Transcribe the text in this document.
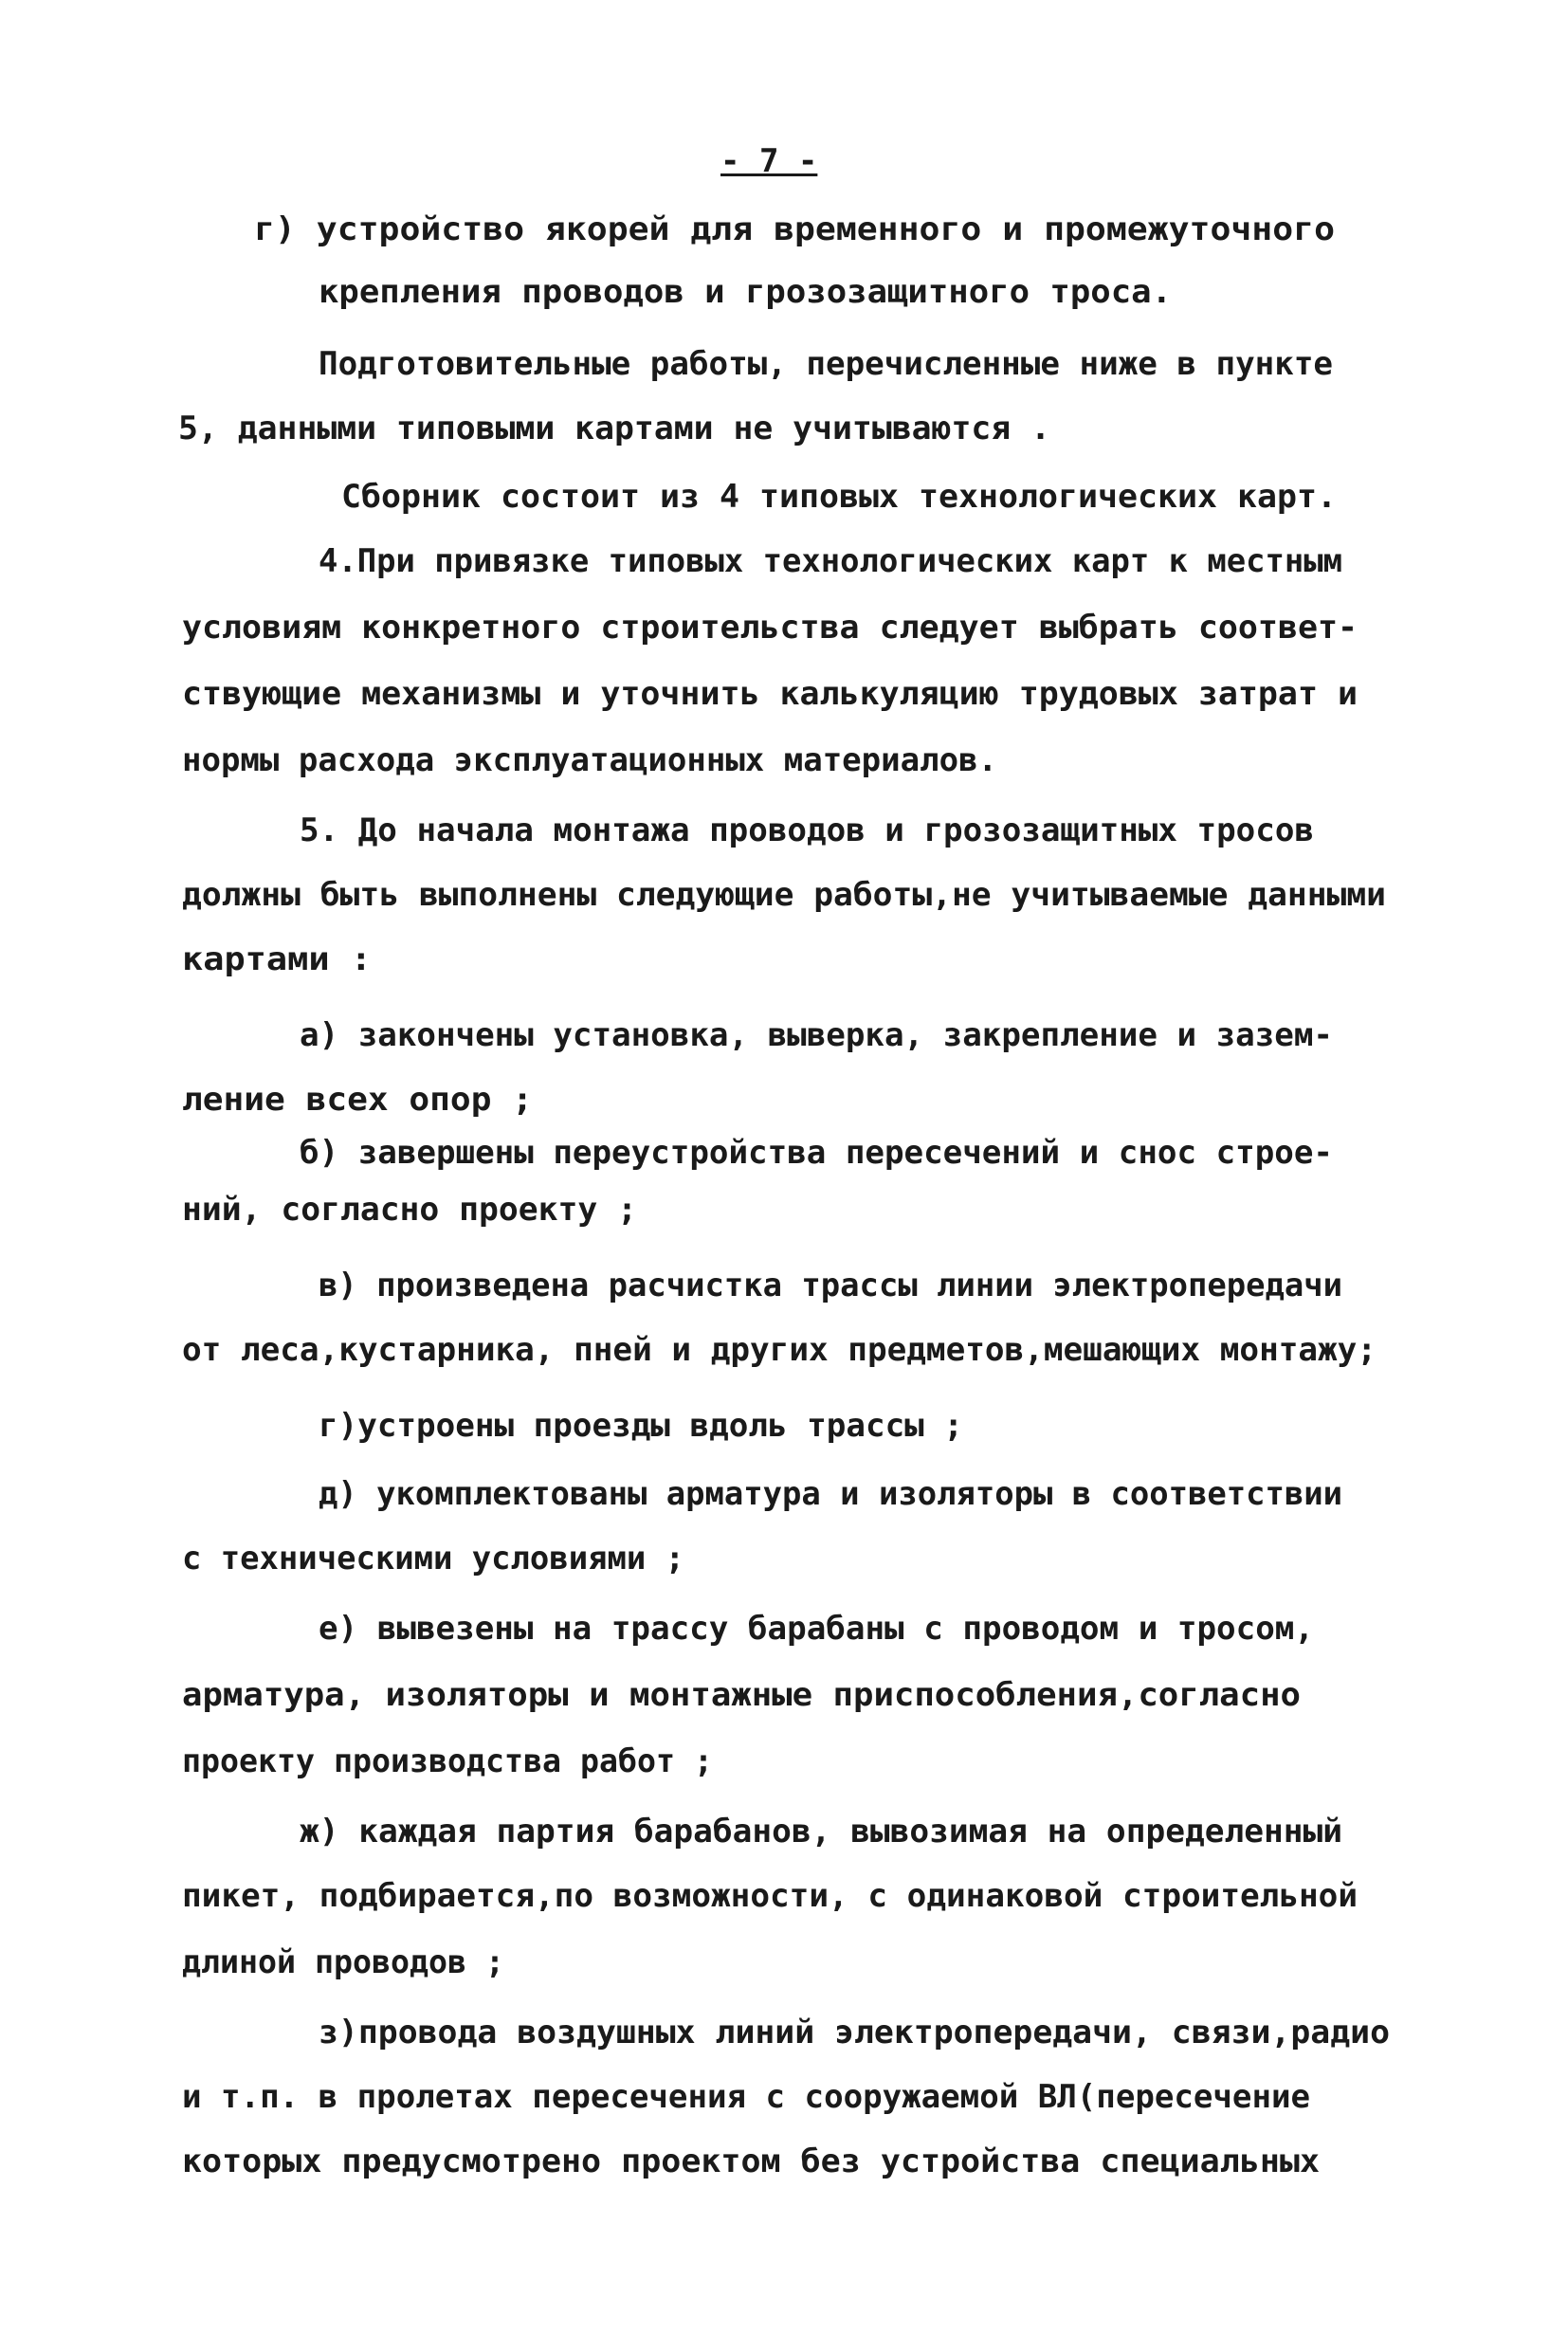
- 7 -
г) устройство якорей для временного и промежуточного
крепления проводов и грозозащитного троса.
Подготовительные работы, перечисленные ниже в пункте
5, данными типовыми картами не учитываются .
Сборник состоит из 4 типовых технологических карт.
4.При привязке типовых технологических карт к местным
условиям конкретного строительства следует выбрать соответ-
ствующие механизмы и уточнить калькуляцию трудовых затрат и
нормы расхода эксплуатационных материалов.
5. До начала монтажа проводов и грозозащитных тросов
должны быть выполнены следующие работы,не учитываемые данными
картами :
а) закончены установка, выверка, закрепление и зазем-
ление всех опор ;
б) завершены переустройства пересечений и снос строе-
ний, согласно проекту ;
в) произведена расчистка трассы линии электропередачи
от леса,кустарника, пней и других предметов,мешающих монтажу;
г)устроены проезды вдоль трассы ;
д) укомплектованы арматура и изоляторы в соответствии
с техническими условиями ;
е) вывезены на трассу барабаны с проводом и тросом,
арматура, изоляторы и монтажные приспособления,согласно
проекту производства работ ;
ж) каждая партия барабанов, вывозимая на определенный
пикет, подбирается,по возможности, с одинаковой строительной
длиной проводов ;
з)провода воздушных линий электропередачи, связи,радио
и т.п. в пролетах пересечения с сооружаемой ВЛ(пересечение
которых предусмотрено проектом без устройства специальных
